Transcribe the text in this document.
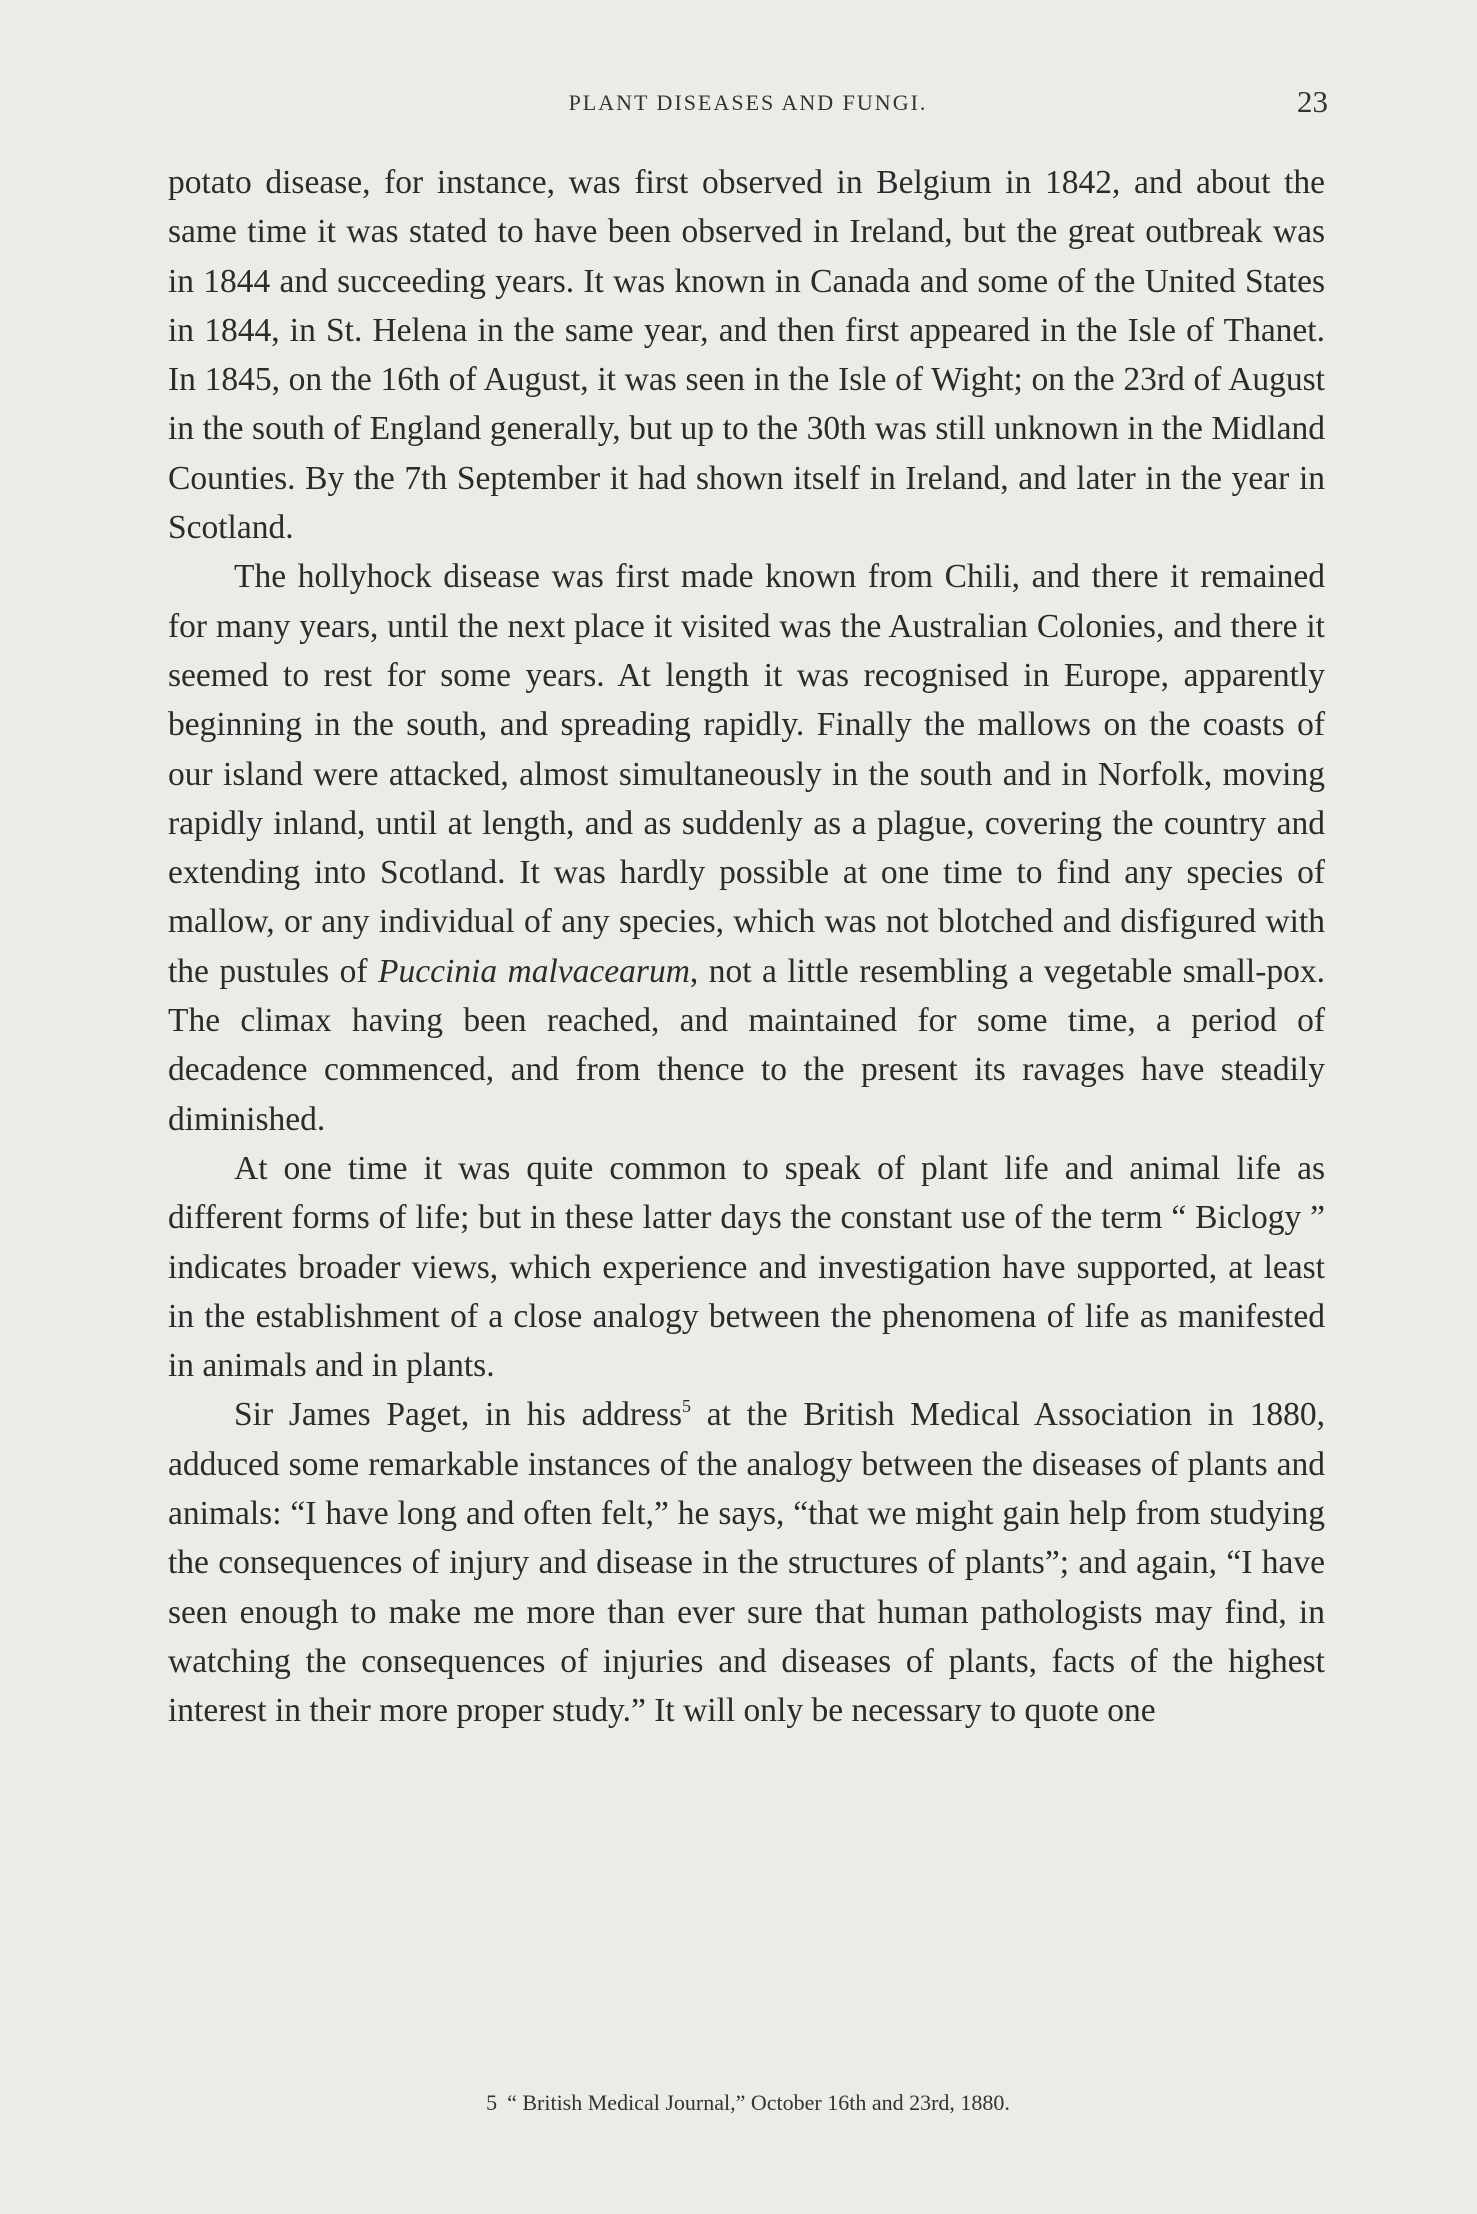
PLANT DISEASES AND FUNGI.	23

potato disease, for instance, was first observed in Belgium in 1842, and about the same time it was stated to have been observed in Ireland, but the great outbreak was in 1844 and succeeding years. It was known in Canada and some of the United States in 1844, in St. Helena in the same year, and then first appeared in the Isle of Thanet. In 1845, on the 16th of August, it was seen in the Isle of Wight; on the 23rd of August in the south of England generally, but up to the 30th was still unknown in the Midland Counties. By the 7th September it had shown itself in Ireland, and later in the year in Scotland.

The hollyhock disease was first made known from Chili, and there it remained for many years, until the next place it visited was the Australian Colonies, and there it seemed to rest for some years. At length it was recognised in Europe, apparently beginning in the south, and spreading rapidly. Finally the mallows on the coasts of our island were attacked, almost simultaneously in the south and in Norfolk, moving rapidly inland, until at length, and as suddenly as a plague, covering the country and extending into Scotland. It was hardly possible at one time to find any species of mallow, or any individual of any species, which was not blotched and disfigured with the pustules of Puccinia malvacearum, not a little resembling a vegetable small-pox. The climax having been reached, and maintained for some time, a period of decadence commenced, and from thence to the present its ravages have steadily diminished.

At one time it was quite common to speak of plant life and animal life as different forms of life; but in these latter days the constant use of the term “ Biclogy ” indicates broader views, which experience and investigation have supported, at least in the establishment of a close analogy between the phenomena of life as manifested in animals and in plants.

Sir James Paget, in his address$^5$ at the British Medical Association in 1880, adduced some remarkable instances of the analogy between the diseases of plants and animals: “I have long and often felt,” he says, “that we might gain help from studying the consequences of injury and disease in the structures of plants”; and again, “I have seen enough to make me more than ever sure that human pathologists may find, in watching the consequences of injuries and diseases of plants, facts of the highest interest in their more proper study.” It will only be necessary to quote one

5 “ British Medical Journal,” October 16th and 23rd, 1880.
